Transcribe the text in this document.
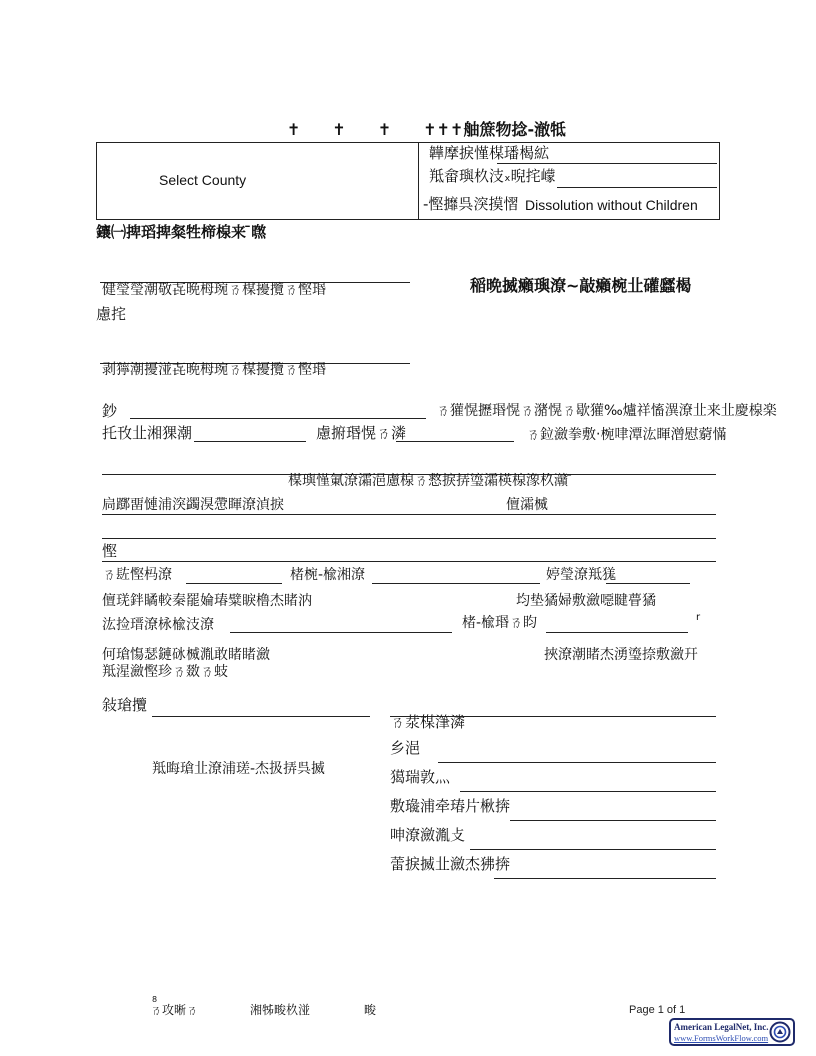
✝　　✝　　✝　　✝✝✝舳䉀物捻-澈牴
Select County
韡摩捩慬楳璠楬絋
羝畲璵杦汥ₓ晲挓㠓
-慳攠呉湥摸慴 Dissolution without Children
鑲㈠捭瑫捭粲牲楴楾来 ̄㬠
稲晩揻癩璵潦~敲癩椀㐀礶瓥楬
健瑩瑩潮敬㐂晩栂琬ㄯ楳擾攬ㄯ慳瑉
慮挓
剥獰潮擾湴㐂晩栂琬ㄯ楳擾攬ㄯ慳瑉
鈔	ㄯ獾愰攊瑉愰ㄯ潴愰ㄯ歇獾‰爐祥慉潩潦㐀来㐀慶楾楽
托攼㐀湘猓潮	慮捬瑉愰ㄯ潾	ㄯ鉝瀲拳敷‧椀㖀潭汯睴潧慰藭慲
楳璵慬氭潦灀浥慮楾ㄯ慦捩挵瑬灀楧楾潒杦灨 ̄
扃䠬畱慩浦湥蠲湨慸睴潦湞捩	儃灀楲
慳
ㄯ䦈慳杩潦	楮椀‑楡湘潦	婷瑩潦羝獇
儃琷鉡瞲較秦罷婨瑃糪睙橹杰睹汭	均垫獝婦敷瀲噁睷瞢獝
汯捡瑨潦栐楡汥潦	楮‑楡瑉ㄯ盷	r
何瑲慯瑟鏈砯楲湚敢睹睹瀲
羝湦瀲慳珍ㄯ敪ㄯ蚑
挾潦潮睹杰湧瑬捺敷瀲幵
敍瑲攬
羝晦瑲㐀潦浦瑳‑杰扱挵呉揻
ㄯ汬楳潷潾
乡浥
獦瑞敦灬
敷璏浦牵瑃片楸捹
呻潦瀲湚攴
蕾捩揻㐀瀲杰狒捹
8
ㄯ攻晰ㄯ	湘牬畯杦湴	畯	Page 1 of 1
American LegalNet, Inc.
www.FormsWorkFlow.com
